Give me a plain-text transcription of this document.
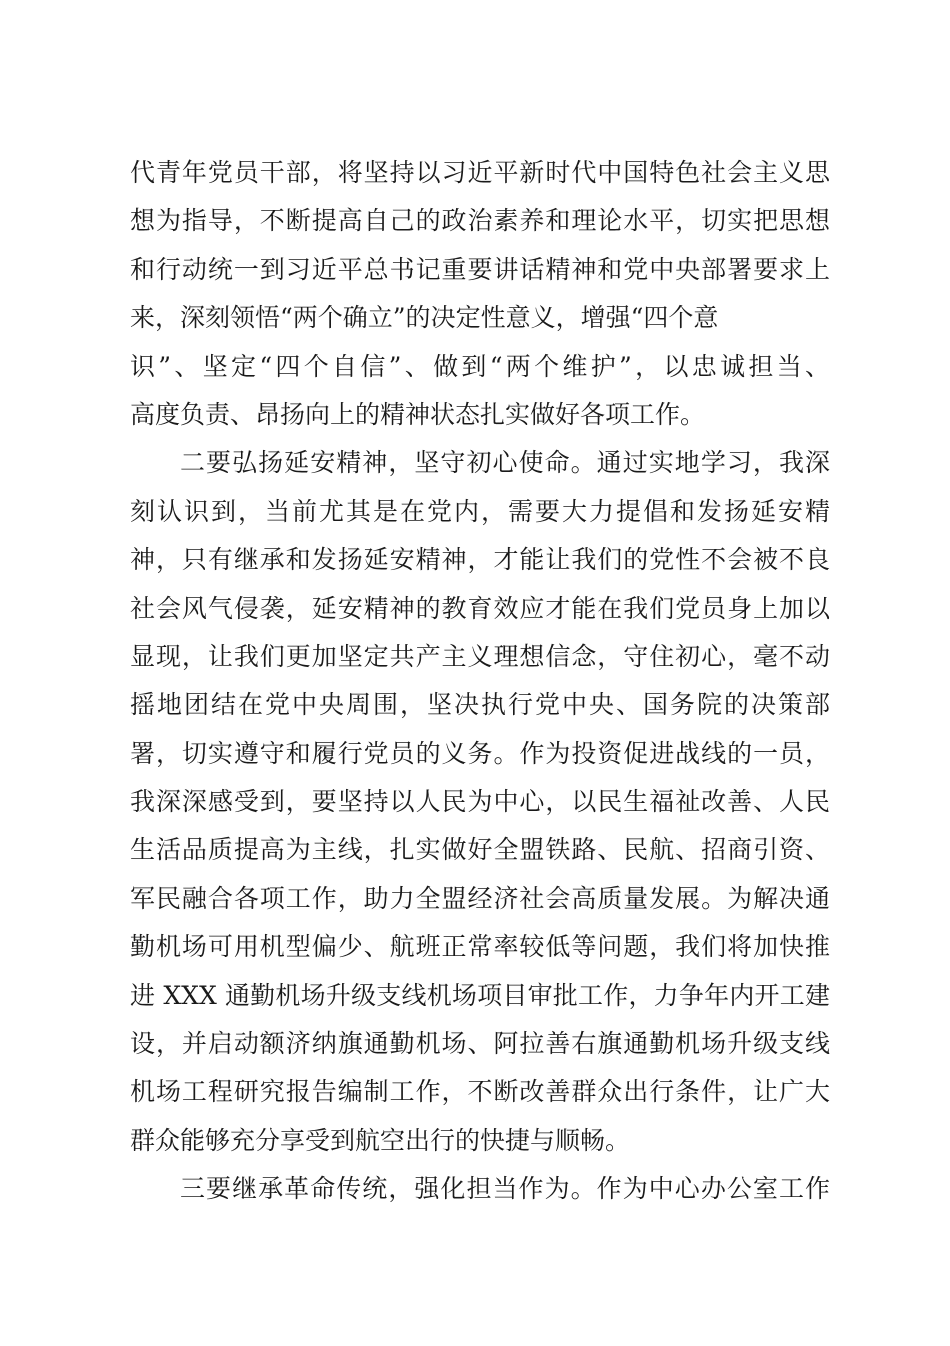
代青年党员干部，将坚持以习近平新时代中国特色社会主义思
想为指导，不断提高自己的政治素养和理论水平，切实把思想
和行动统一到习近平总书记重要讲话精神和党中央部署要求上
来，深刻领悟“两个确立”的决定性意义，增强“四个意
识”、坚定“四个自信”、做到“两个维护”，以忠诚担当、
高度负责、昂扬向上的精神状态扎实做好各项工作。
二要弘扬延安精神，坚守初心使命。通过实地学习，我深
刻认识到，当前尤其是在党内，需要大力提倡和发扬延安精
神，只有继承和发扬延安精神，才能让我们的党性不会被不良
社会风气侵袭，延安精神的教育效应才能在我们党员身上加以
显现，让我们更加坚定共产主义理想信念，守住初心，毫不动
摇地团结在党中央周围，坚决执行党中央、国务院的决策部
署，切实遵守和履行党员的义务。作为投资促进战线的一员，
我深深感受到，要坚持以人民为中心，以民生福祉改善、人民
生活品质提高为主线，扎实做好全盟铁路、民航、招商引资、
军民融合各项工作，助力全盟经济社会高质量发展。为解决通
勤机场可用机型偏少、航班正常率较低等问题，我们将加快推
进 XXX 通勤机场升级支线机场项目审批工作，力争年内开工建
设，并启动额济纳旗通勤机场、阿拉善右旗通勤机场升级支线
机场工程研究报告编制工作，不断改善群众出行条件，让广大
群众能够充分享受到航空出行的快捷与顺畅。
三要继承革命传统，强化担当作为。作为中心办公室工作
